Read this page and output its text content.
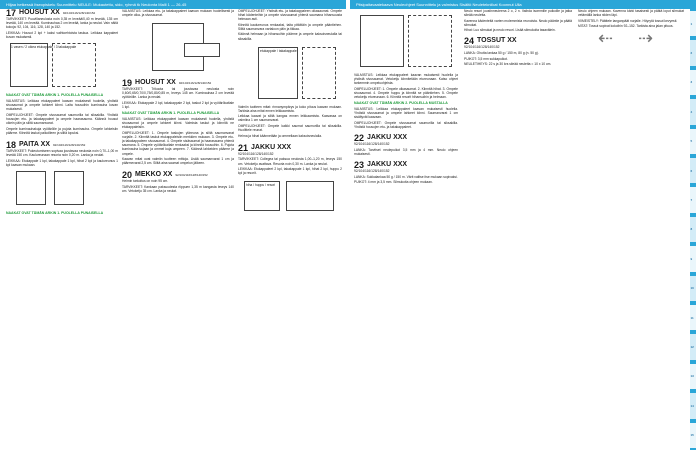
Hiljaa hetkessä Itseopiskelu Suunnittelu NEULE: Mukautettu, sido, ryhmä tk Neulonta Malli 1 — 26-45	Pitsipaitavaatekaava Neuleohjeet Suunnittelu ja valmistus Sisältö Neuletekniikat Koonnut Ulla
17 HOUSUT XX 92/104/116/128/140/152

TARVIKKEET: Puuvillaneulosta noin 0,35 m leveää/0,40 m leveää, 135 cm leveää, 140 cm leveää. Kuminauhaa 2 cm leveää, lanka ja neulat. Vain näitä kokoja: 92, 104, 116, 128, 140 ja 152.

LEIKKAA: Housut 2 kpl + kaksi vaihtoehtoista taskua. Leikkaa kappaleet kuvan mukaisesti.

1 vasen / 2 oikea etukappale / 3 takakappale
NAAKAT OVAT TÄMÄN ARKIN 1. PUOLELLA PUNAISELLA

VALMISTUS: Leikkaa etukappaleet kaavan mukaisesti huolella, yhdistä sivusaumat ja ompele lahkeet kiinni. Laita housuihin kuminauha kuvan mukaisesti.

OMPELUOHJEET: Ompele sivusaumat saumurilla tai siksakilla. Yhdistä housujen etu- ja takakappaleet ja ompele haarasauma. Käännä housut oikein päin ja silitä saumanvarat.

Ompele kuminauhakuja vyötärölle ja pujota kuminauha. Ompele lahkeisiin päärme. Kiinnitä taskut paikoilleen ja silitä lopuksi.

18 PAITA XX 92/104/116/128/140/152

TARVIKKEET: Pukeutumiseen sopivaa joustavaa neulosta noin 0,70–1,00 m leveää 150 cm. Kaulureunaan resoria noin 0,20 m. Lanka ja neulat.

LEIKKAA: Etukappale 1 kpl, takakappale 1 kpl, hihat 2 kpl ja kaulureunus 1 kpl kaavan mukaan.

NAAKAT OVAT TÄMÄN ARKIN 1. PUOLELLA PUNAISELLA

VALMISTUS: Leikkaa etu- ja takakappaleet kaavan mukaan huolellisesti ja ompele olka- ja sivusaumat.

19 HOUSUT XX 92/104/116/128/140/152

TARVIKKEET: Trikoota tai joustavaa neulosta noin 0,60/0,65/0,70/0,75/0,80/0,85 m, leveys 145 cm. Kuminauhaa 2 cm leveää vyötärölle. Lanka ja neulat.

LEIKKAA: Etukappale 2 kpl, takakappale 2 kpl, taskut 2 kpl ja vyötärökaitale 1 kpl.

NAAKAT OVAT TÄMÄN ARKIN 1. PUOLELLA PUNAISELLA

VALMISTUS: Leikkaa etukappaleet kaavan mukaisesti huolella, yhdistä sivusaumat ja ompele lahkeet kiinni. Valmista taskut ja kiinnitä ne etukappaleisiin.

OMPELUOHJEET: 1. Ompele taskujen yläreuna ja silitä saumanvarat nurjalle. 2. Kiinnitä taskut etukappaleisiin merkkien mukaan. 3. Ompele etu- ja takakappaleen sivusaumat. 4. Ompele sisäsaumat ja haarasauma yhtenä saumana. 5. Ompele vyötärökaitale renkaaksi ja kiinnitä housuihin. 6. Pujota kuminauha kujaan ja ommel kuja umpeen. 7. Käännä lahkeiden päärme ja ompele.

Kaavan mitat ovat valmiin tuotteen mittoja. Lisää saumanvarat 1 cm ja päärmevarat 2,5 cm. Silitä aina saumat ompelun jälkeen.

20 MEKKO XX 92/104/116/128/140/152

Helmin tarkoitus on noin 95 cm.

TARVIKKEET: Kankaan paksuudesta riippuen 1,35 m kangasta leveys 140 cm. Vetoketju 35 cm. Lanka ja neulat.

OMPELUOHJEET: Yhdistä etu- ja takakappaleen olkasaumat. Ompele hihat kädenteihin ja ompele sivusaumat yhtenä saumana hihansuusta helmaan asti.

Kiinnitä kaulureunus renkaaksi, taita pitkittäin ja ompele pääntiehen. Silitä saumanvara vartaloon päin ja tikkaa.

Käännä helmaan ja hihansuihin päärme ja ompele kaksoisneulalla tai siksakilla.

etukappale / takakappale

Valmiin tuotteen mitat: rinnanympärys ja koko pituus kaavan mukaan. Tarkista aina mitat ennen leikkaamista.

Leikkaa kaavat ja silitä kangas ennen leikkaamista. Kaavassa on valmiina 1 cm saumanvarat.

OMPELUOHJEET: Ompele kaikki saumat saumurilla tai siksakilla. Huolittele reunat.

Helma ja hihat käännetään ja ommellaan kaksoisneulalla.

21 JAKKU XXX

92/104/116/128/140/152

TARVIKKEET: Collegea tai paksua neulosta 1,00–1,20 m, leveys 150 cm. Vetoketju avattava. Resoria noin 0,30 m. Lanka ja neulat.

LEIKKAA: Etukappaleet 2 kpl, takakappale 1 kpl, hihat 2 kpl, huppu 2 kpl ja resorit.

hiha / huppu / resori
16
1
2
3
4
5
6
7
8
9
10
11
12
13
14
15

VALMISTUS: Leikkaa etukappaleet kaavan mukaisesti huolella ja yhdistä sivusaumat. Vetoketju kiinnitetään etureunaan. Katso ohjeet tarkemmin ompeluohjeista.

OMPELUOHJEET: 1. Ompele olkasaumat. 2. Kiinnitä hihat. 3. Ompele sivusaumat. 4. Ompele huppu ja kiinnitä se pääntiehen. 5. Ompele vetoketju etureunaan. 6. Kiinnitä resorit hihansuihin ja helmaan.

NAAKAT OVAT TÄMÄN ARKIN 2. PUOLELLA MUSTALLA

VALMISTUS: Leikkaa etukappaleet kaavan mukaisesti huolella. Yhdistä sivusaumat ja ompele lahkeet kiinni. Saumanvarat 1 cm sisältyvät kaavaan.

OMPELUOHJEET: Ompele sivusaumat saumurilla tai siksakilla. Yhdistä housujen etu- ja takakappaleet.

22 JAKKU XXX

92/104/116/128/140/152

LANKA: Tarvitset neulepuikot 3,5 mm ja 4 mm. Neulo ohjeen mukaisesti.

23 JAKKU XXX

92/104/116/128/140/152

LANKA: Sukkalankaa 50 g / 150 m. Värit valitse itse mukaan sopivaksi.

PUIKOT: 4 mm ja 3,5 mm. Silmukoita ohjeen mukaan.

Neulo resori joustinneuleena 2 o, 2 n. Vaihda isommille puikoille ja jatka sileää neuletta.

Kavenna kädenteitä varten molemmista reunoista. Neulo pääntie ja päätä silmukat.

Hihat: Luo silmukat ja neulo resori. Lisää silmukoita tasavälein.

24 TOSSUT XX

92/104/116/128/140/152

LANKA: Ohutta lankaa 50 g / 150 m, 80 g (n. 50 g).

PUIKOT: 3,5 mm sukkapuikot.

NEULETIHEYS: 22 s ja 30 krs sileää neuletta = 10 x 10 cm.

Neulo ohjeen mukaan. Kavenna kärki tasaisesti ja päätä loput silmukat vetämällä lanka niiden läpi.

VIIMEISTELY: Päättele langanpäät nurjalle. Höyrytä tossut kevyesti.

MITAT: Tossut sopivat kokoihin 92–152. Tarkista aina jalan pituus.

⇠ ⇢
17
